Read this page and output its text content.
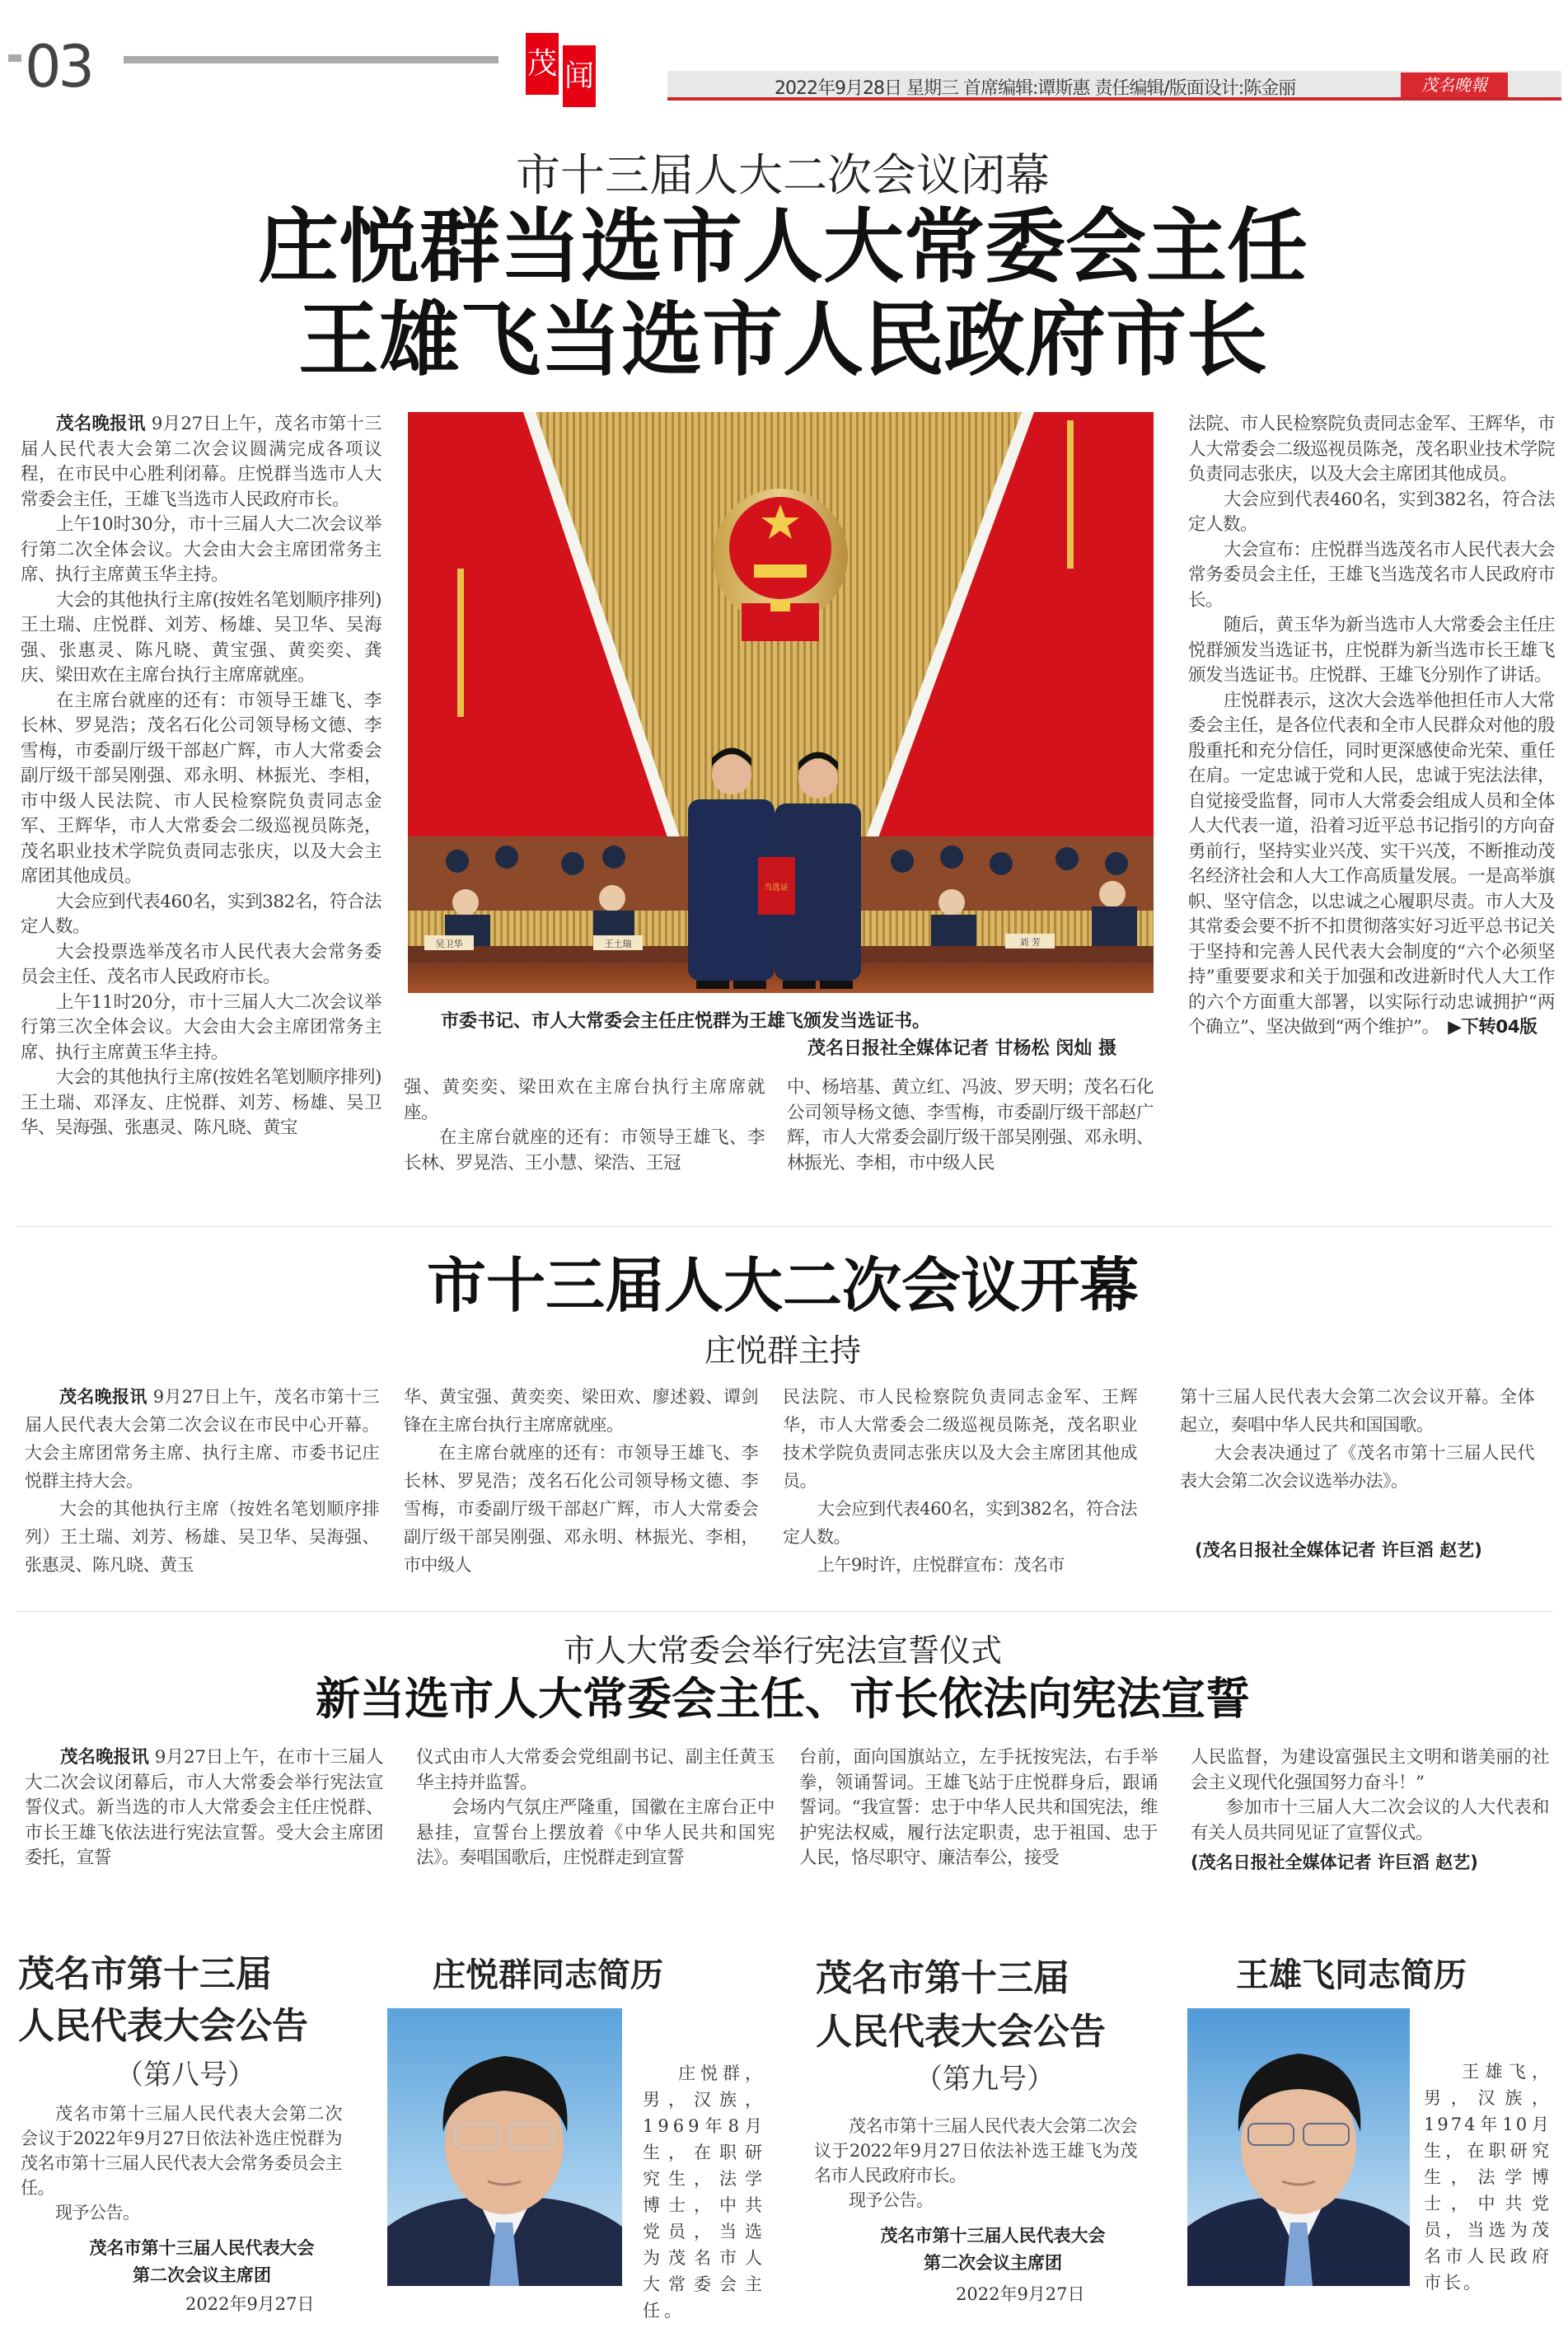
03	茂 闻	2022年9月28日 星期三 首席编辑:谭斯惠 责任编辑/版面设计:陈金丽	茂名晚報
市十三届人大二次会议闭幕
庄悦群当选市人大常委会主任
王雄飞当选市人民政府市长

茂名晚报讯 9月27日上午，茂名市第十三届人民代表大会第二次会议圆满完成各项议程，在市民中心胜利闭幕。庄悦群当选市人大常委会主任，王雄飞当选市人民政府市长。

上午10时30分，市十三届人大二次会议举行第二次全体会议。大会由大会主席团常务主席、执行主席黄玉华主持。

大会的其他执行主席(按姓名笔划顺序排列)王土瑞、庄悦群、刘芳、杨雄、吴卫华、吴海强、张惠灵、陈凡晓、黄宝强、黄奕奕、龚庆、梁田欢在主席台执行主席席就座。

在主席台就座的还有：市领导王雄飞、李长林、罗晃浩；茂名石化公司领导杨文德、李雪梅，市委副厅级干部赵广辉，市人大常委会副厅级干部吴刚强、邓永明、林振光、李相，市中级人民法院、市人民检察院负责同志金军、王辉华，市人大常委会二级巡视员陈尧，茂名职业技术学院负责同志张庆，以及大会主席团其他成员。

大会应到代表460名，实到382名，符合法定人数。

大会投票选举茂名市人民代表大会常务委员会主任、茂名市人民政府市长。

上午11时20分，市十三届人大二次会议举行第三次全体会议。大会由大会主席团常务主席、执行主席黄玉华主持。

大会的其他执行主席(按姓名笔划顺序排列)王土瑞、邓泽友、庄悦群、刘芳、杨雄、吴卫华、吴海强、张惠灵、陈凡晓、黄宝

吴卫华	王土瑞	刘 芳
当选证
市委书记、市人大常委会主任庄悦群为王雄飞颁发当选证书。
茂名日报社全媒体记者 甘杨松 闵灿 摄

强、黄奕奕、梁田欢在主席台执行主席席就座。

在主席台就座的还有：市领导王雄飞、李长林、罗晃浩、王小慧、梁浩、王冠

中、杨培基、黄立红、冯波、罗天明；茂名石化公司领导杨文德、李雪梅，市委副厅级干部赵广辉，市人大常委会副厅级干部吴刚强、邓永明、林振光、李相，市中级人民

法院、市人民检察院负责同志金军、王辉华，市人大常委会二级巡视员陈尧，茂名职业技术学院负责同志张庆，以及大会主席团其他成员。

大会应到代表460名，实到382名，符合法定人数。

大会宣布：庄悦群当选茂名市人民代表大会常务委员会主任，王雄飞当选茂名市人民政府市长。

随后，黄玉华为新当选市人大常委会主任庄悦群颁发当选证书，庄悦群为新当选市长王雄飞颁发当选证书。庄悦群、王雄飞分别作了讲话。

庄悦群表示，这次大会选举他担任市人大常委会主任，是各位代表和全市人民群众对他的殷殷重托和充分信任，同时更深感使命光荣、重任在肩。一定忠诚于党和人民，忠诚于宪法法律，自觉接受监督，同市人大常委会组成人员和全体人大代表一道，沿着习近平总书记指引的方向奋勇前行，坚持实业兴茂、实干兴茂，不断推动茂名经济社会和人大工作高质量发展。一是高举旗帜、坚守信念，以忠诚之心履职尽责。市人大及其常委会要不折不扣贯彻落实好习近平总书记关于坚持和完善人民代表大会制度的“六个必须坚持”重要要求和关于加强和改进新时代人大工作的六个方面重大部署，以实际行动忠诚拥护“两个确立”、坚决做到“两个维护”。 ▶下转04版

市十三届人大二次会议开幕
庄悦群主持

茂名晚报讯 9月27日上午，茂名市第十三届人民代表大会第二次会议在市民中心开幕。大会主席团常务主席、执行主席、市委书记庄悦群主持大会。

大会的其他执行主席（按姓名笔划顺序排列）王土瑞、刘芳、杨雄、吴卫华、吴海强、张惠灵、陈凡晓、黄玉

华、黄宝强、黄奕奕、梁田欢、廖述毅、谭剑锋在主席台执行主席席就座。

在主席台就座的还有：市领导王雄飞、李长林、罗晃浩；茂名石化公司领导杨文德、李雪梅，市委副厅级干部赵广辉，市人大常委会副厅级干部吴刚强、邓永明、林振光、李相，市中级人

民法院、市人民检察院负责同志金军、王辉华，市人大常委会二级巡视员陈尧，茂名职业技术学院负责同志张庆以及大会主席团其他成员。

大会应到代表460名，实到382名，符合法定人数。

上午9时许，庄悦群宣布：茂名市

第十三届人民代表大会第二次会议开幕。全体起立，奏唱中华人民共和国国歌。

大会表决通过了《茂名市第十三届人民代表大会第二次会议选举办法》。

(茂名日报社全媒体记者 许巨滔 赵艺)
市人大常委会举行宪法宣誓仪式
新当选市人大常委会主任、市长依法向宪法宣誓

茂名晚报讯 9月27日上午，在市十三届人大二次会议闭幕后，市人大常委会举行宪法宣誓仪式。新当选的市人大常委会主任庄悦群、市长王雄飞依法进行宪法宣誓。受大会主席团委托，宣誓

仪式由市人大常委会党组副书记、副主任黄玉华主持并监誓。

会场内气氛庄严隆重，国徽在主席台正中悬挂，宣誓台上摆放着《中华人民共和国宪法》。奏唱国歌后，庄悦群走到宣誓

台前，面向国旗站立，左手抚按宪法，右手举拳，领诵誓词。王雄飞站于庄悦群身后，跟诵誓词。“我宣誓：忠于中华人民共和国宪法，维护宪法权威，履行法定职责，忠于祖国、忠于人民，恪尽职守、廉洁奉公，接受

人民监督，为建设富强民主文明和谐美丽的社会主义现代化强国努力奋斗！”

参加市十三届人大二次会议的人大代表和有关人员共同见证了宣誓仪式。

(茂名日报社全媒体记者 许巨滔 赵艺)
茂名市第十三届
人民代表大会公告
（第八号）

茂名市第十三届人民代表大会第二次会议于2022年9月27日依法补选庄悦群为茂名市第十三届人民代表大会常务委员会主任。

现予公告。

茂名市第十三届人民代表大会
第二次会议主席团
2022年9月27日
庄悦群同志简历
庄悦群，男，汉族，1969年8月生，在职研究生，法学博士，中共党员，当选为茂名市人大常委会主任。
茂名市第十三届
人民代表大会公告
（第九号）

茂名市第十三届人民代表大会第二次会议于2022年9月27日依法补选王雄飞为茂名市人民政府市长。

现予公告。

茂名市第十三届人民代表大会
第二次会议主席团
2022年9月27日
王雄飞同志简历
王雄飞，男，汉族，1974年10月生，在职研究生，法学博士，中共党员，当选为茂名市人民政府市长。
